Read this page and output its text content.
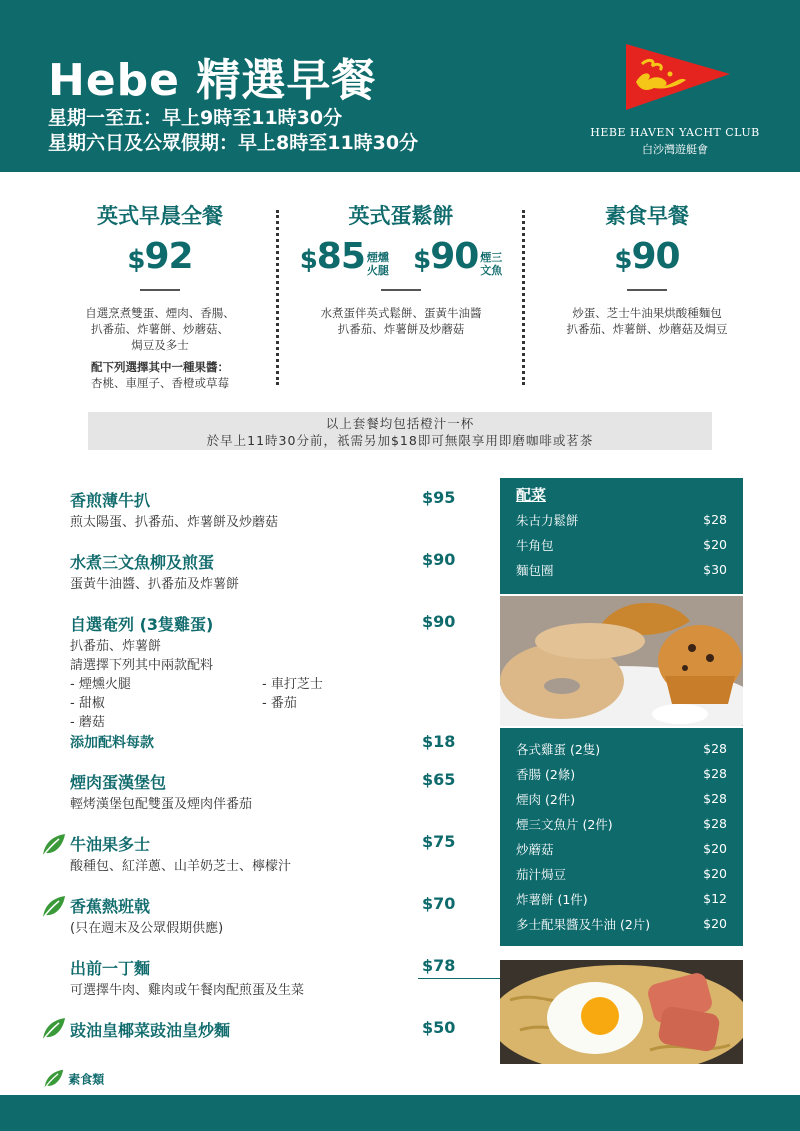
Hebe 精選早餐
星期一至五：早上9時至11時30分
星期六日及公眾假期：早上8時至11時30分	HEBE HAVEN YACHT CLUB
白沙灣遊艇會
英式早晨全餐
$92

自選烹煮雙蛋、煙肉、香腸、
扒番茄、炸薯餅、炒蘑菇、
焗豆及多士

配下列選擇其中一種果醬：

杏桃、車厘子、香橙或草莓

英式蛋鬆餅
$85 煙燻
火腿 $90 煙三
文魚

水煮蛋伴英式鬆餅、蛋黃牛油醬
扒番茄、炸薯餅及炒蘑菇

素食早餐
$90

炒蛋、芝士牛油果烘酸種麵包
扒番茄、炸薯餅、炒蘑菇及焗豆

以上套餐均包括橙汁一杯
於早上11時30分前，祇需另加$18即可無限享用即磨咖啡或茗茶
香煎薄牛扒	$95
煎太陽蛋、扒番茄、炸薯餅及炒蘑菇
水煮三文魚柳及煎蛋	$90
蛋黃牛油醬、扒番茄及炸薯餅
自選奄列 (3隻雞蛋)	$90
扒番茄、炸薯餅
請選擇下列其中兩款配料
- 煙燻火腿	- 車打芝士
- 甜椒	- 番茄
- 蘑菇
添加配料每款	$18
煙肉蛋漢堡包	$65
輕烤漢堡包配雙蛋及煙肉伴番茄
牛油果多士	$75
酸種包、紅洋蔥、山羊奶芝士、檸檬汁
香蕉熱班戟	$70
(只在週末及公眾假期供應)
出前一丁麵	$78
可選擇牛肉、雞肉或午餐肉配煎蛋及生菜
豉油皇椰菜豉油皇炒麵	$50
配菜
朱古力鬆餅	$28
牛角包	$20
麵包圈	$30
各式雞蛋 (2隻)	$28
香腸 (2條)	$28
煙肉 (2件)	$28
煙三文魚片 (2件)	$28
炒蘑菇	$20
茄汁焗豆	$20
炸薯餅 (1件)	$12
多士配果醬及牛油 (2片)	$20
素食類
